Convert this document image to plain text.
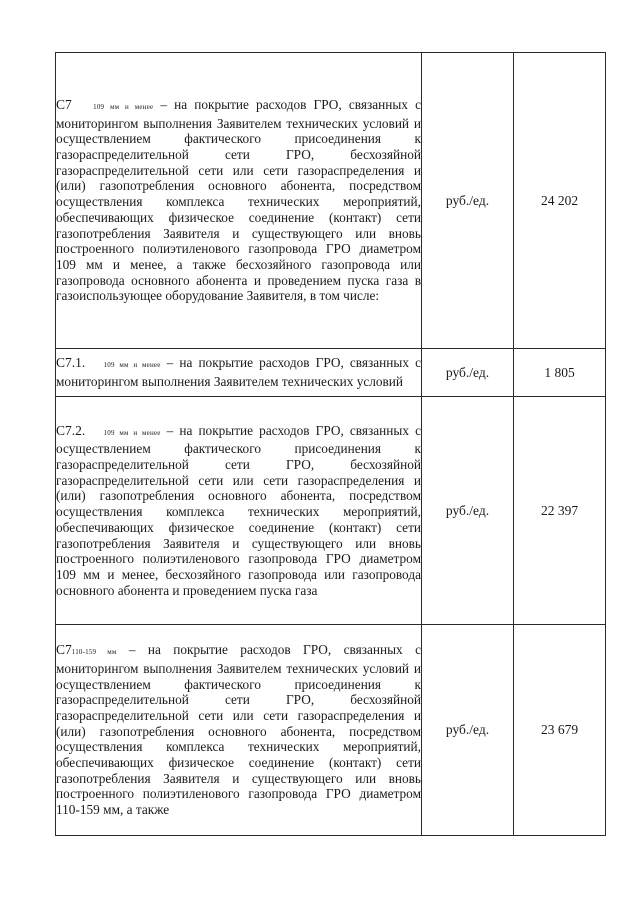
С7 109 мм и менее – на покрытие расходов ГРО, связанных с мониторингом выполнения Заявителем технических условий и осуществлением фактического присоединения к газораспределительной сети ГРО, бесхозяйной газораспределительной сети или сети газораспределения и (или) газопотребления основного абонента, посредством осуществления комплекса технических мероприятий, обеспечивающих физическое соединение (контакт) сети газопотребления Заявителя и существующего или вновь построенного полиэтиленового газопровода ГРО диаметром 109 мм и менее, а также бесхозяйного газопровода или газопровода основного абонента и проведением пуска газа в газоиспользующее оборудование Заявителя, в том числе:	руб./ед.	24 202

С7.1. 109 мм и менее – на покрытие расходов ГРО, связанных с мониторингом выполнения Заявителем технических условий	руб./ед.	1 805

С7.2. 109 мм и менее – на покрытие расходов ГРО, связанных с осуществлением фактического присоединения к газораспределительной сети ГРО, бесхозяйной газораспределительной сети или сети газораспределения и (или) газопотребления основного абонента, посредством осуществления комплекса технических мероприятий, обеспечивающих физическое соединение (контакт) сети газопотребления Заявителя и существующего или вновь построенного полиэтиленового газопровода ГРО диаметром 109 мм и менее, бесхозяйного газопровода или газопровода основного абонента и проведением пуска газа	руб./ед.	22 397

С7110-159 мм – на покрытие расходов ГРО, связанных с мониторингом выполнения Заявителем технических условий и осуществлением фактического присоединения к газораспределительной сети ГРО, бесхозяйной газораспределительной сети или сети газораспределения и (или) газопотребления основного абонента, посредством осуществления комплекса технических мероприятий, обеспечивающих физическое соединение (контакт) сети газопотребления Заявителя и существующего или вновь построенного полиэтиленового газопровода ГРО диаметром 110-159 мм, а также	руб./ед.	23 679
